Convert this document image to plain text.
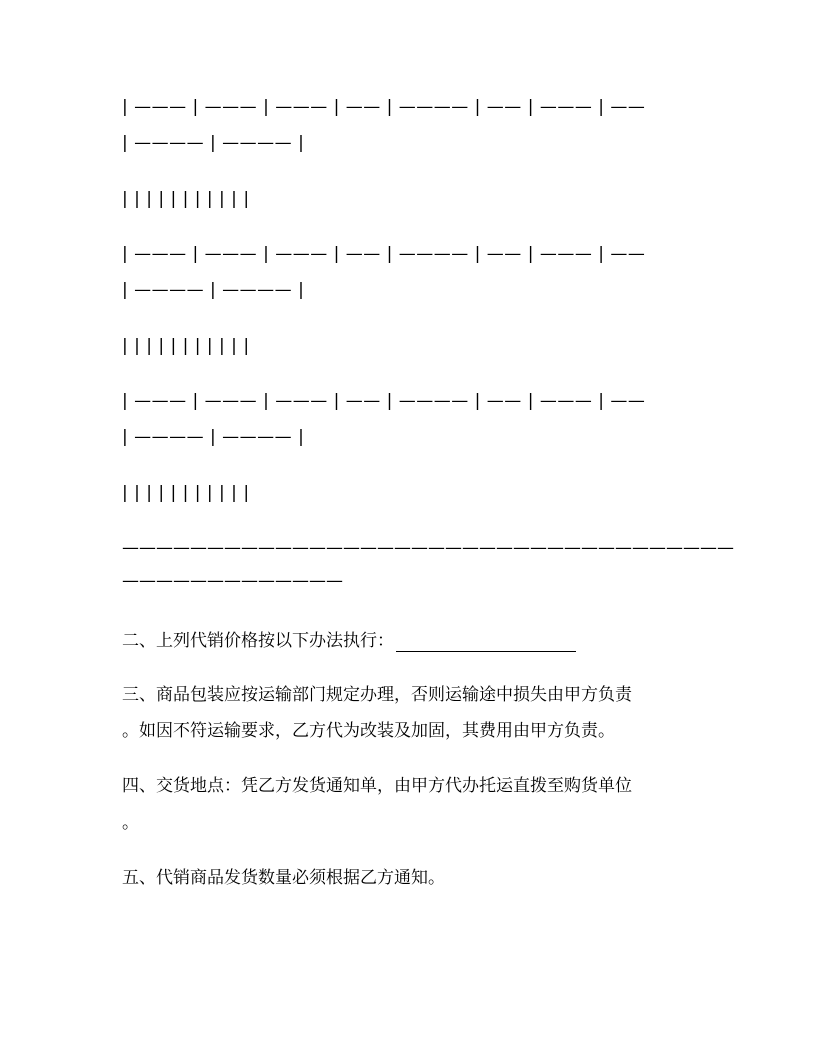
| ——— | ——— | ——— | —— | ———— | —— | ——— | ——
| ———— | ———— |
| | | | | | | | | | |
| ——— | ——— | ——— | —— | ———— | —— | ——— | ——
| ———— | ———— |
| | | | | | | | | | |
| ——— | ——— | ——— | —— | ———— | —— | ——— | ——
| ———— | ———— |
| | | | | | | | | | |
————————————————————————————————————
—————————————
二、上列代销价格按以下办法执行：
三、商品包装应按运输部门规定办理，否则运输途中损失由甲方负责
。如因不符运输要求，乙方代为改装及加固，其费用由甲方负责。
四、交货地点：凭乙方发货通知单，由甲方代办托运直拨至购货单位
。
五、代销商品发货数量必须根据乙方通知。
